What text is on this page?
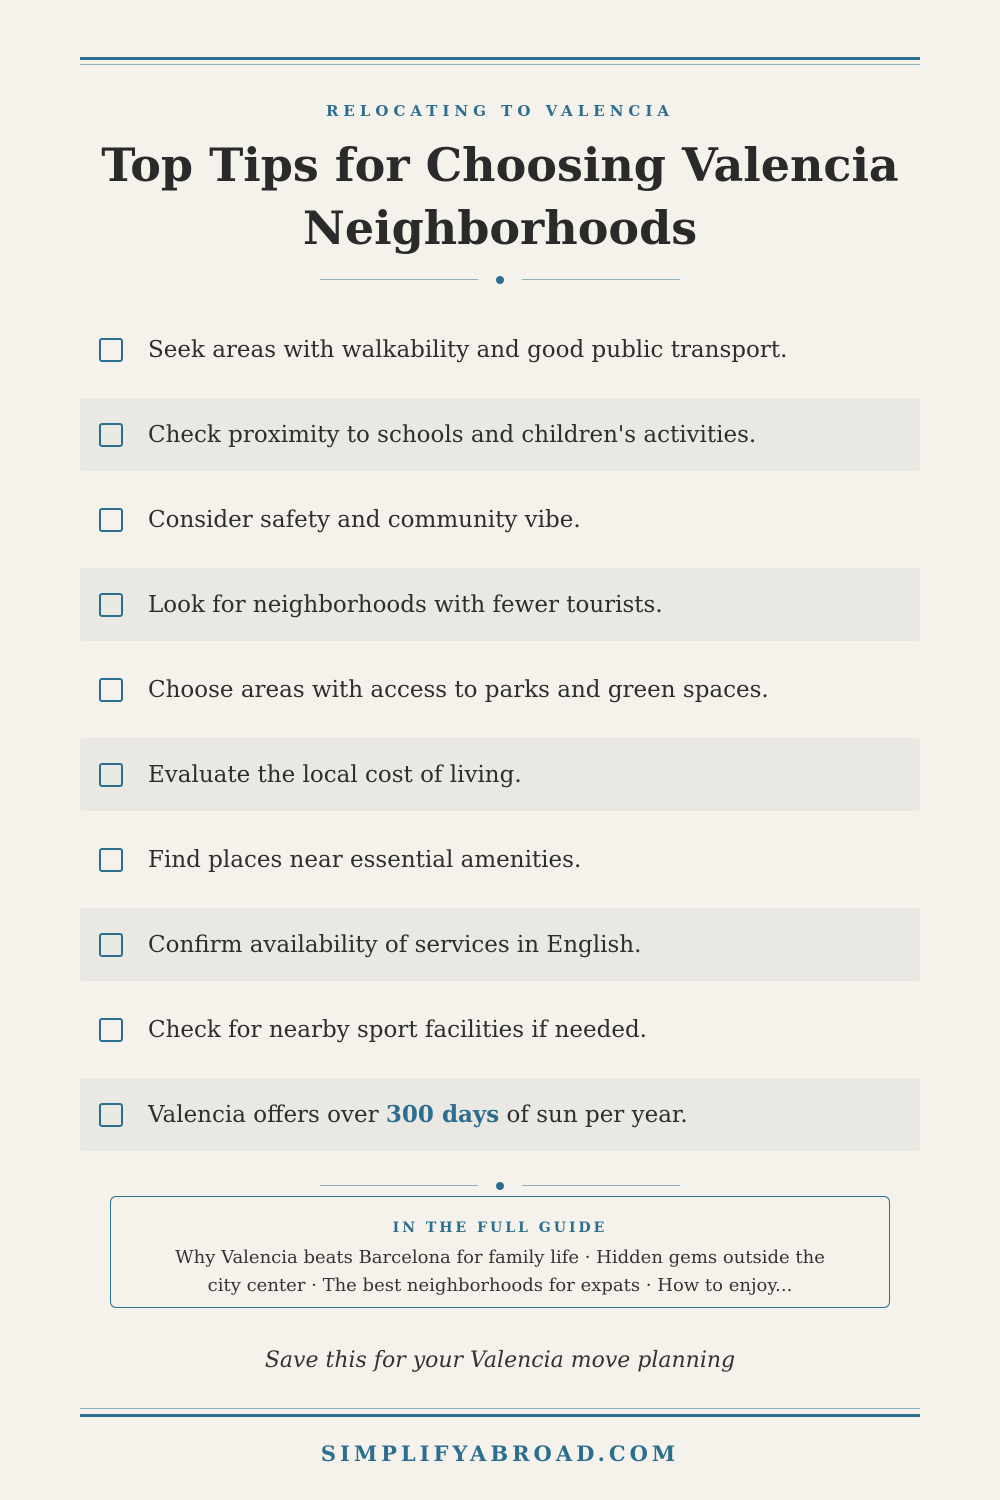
RELOCATING TO VALENCIA
Top Tips for Choosing Valencia Neighborhoods
Seek areas with walkability and good public transport.
Check proximity to schools and children's activities.
Consider safety and community vibe.
Look for neighborhoods with fewer tourists.
Choose areas with access to parks and green spaces.
Evaluate the local cost of living.
Find places near essential amenities.
Confirm availability of services in English.
Check for nearby sport facilities if needed.
Valencia offers over 300 days of sun per year.
IN THE FULL GUIDE
Why Valencia beats Barcelona for family life · Hidden gems outside the city center · The best neighborhoods for expats · How to enjoy...
Save this for your Valencia move planning
SIMPLIFYABROAD.COM
